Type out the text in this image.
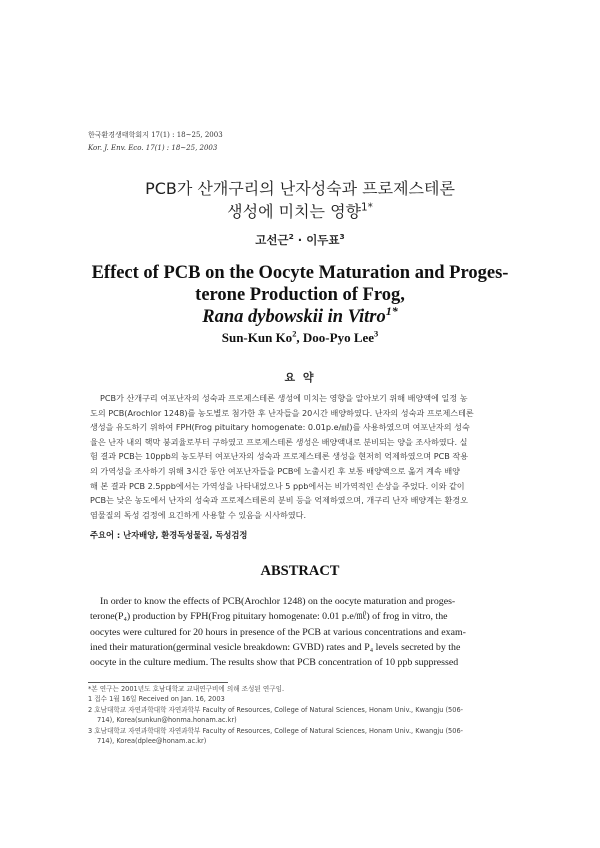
한국환경생태학회지 17(1) : 18~25, 2003
Kor. J. Env. Eco. 17(1) : 18~25, 2003
PCB가 산개구리의 난자성숙과 프로제스테론
생성에 미치는 영향$^{1*}$
고선근$^2$ · 이두표$^3$
Effect of PCB on the Oocyte Maturation and Proges-
terone Production of Frog,
Rana dybowskii in Vitro$^{1*}$
Sun-Kun Ko$^2$, Doo-Pyo Lee$^3$
요 약
PCB가 산개구리 여포난자의 성숙과 프로제스테론 생성에 미치는 영향을 알아보기 위해 배양액에 일정 농
도의 PCB(Arochlor 1248)를 농도별로 첨가한 후 난자들을 20시간 배양하였다. 난자의 성숙과 프로제스테론
생성을 유도하기 위하여 FPH(Frog pituitary homogenate: 0.01p.e/㎖)를 사용하였으며 여포난자의 성숙
율은 난자 내의 핵막 붕괴율로부터 구하였고 프로제스테론 생성은 배양액내로 분비되는 양을 조사하였다. 실
험 결과 PCB는 10ppb의 농도부터 여포난자의 성숙과 프로제스테론 생성을 현저히 억제하였으며 PCB 작용
의 가역성을 조사하기 위해 3시간 동안 여포난자들을 PCB에 노출시킨 후 보통 배양액으로 옮겨 계속 배양
해 본 결과 PCB 2.5ppb에서는 가역성을 나타내었으나 5 ppb에서는 비가역적인 손상을 주었다. 이와 같이
PCB는 낮은 농도에서 난자의 성숙과 프로제스테론의 분비 등을 억제하였으며, 개구리 난자 배양계는 환경오
염물질의 독성 검정에 요긴하게 사용할 수 있음을 시사하였다.
주요어 : 난자배양, 환경독성물질, 독성검정
ABSTRACT
In order to know the effects of PCB(Arochlor 1248) on the oocyte maturation and proges-
terone(P₄) production by FPH(Frog pituitary homogenate: 0.01 p.e/㎖) of frog in vitro, the
oocytes were cultured for 20 hours in presence of the PCB at various concentrations and exam-
ined their maturation(germinal vesicle breakdown: GVBD) rates and P₄ levels secreted by the
oocyte in the culture medium. The results show that PCB concentration of 10 ppb suppressed
*본 연구는 2001년도 호남대학교 교내연구비에 의해 조성된 연구임.
1 접수 1월 16일 Received on Jan. 16, 2003
2 호남대학교 자연과학대학 자연과학부 Faculty of Resources, College of Natural Sciences, Honam Univ., Kwangju (506-
714), Korea(sunkun@honma.honam.ac.kr)
3 호남대학교 자연과학대학 자연과학부 Faculty of Resources, College of Natural Sciences, Honam Univ., Kwangju (506-
714), Korea(dplee@honam.ac.kr)
